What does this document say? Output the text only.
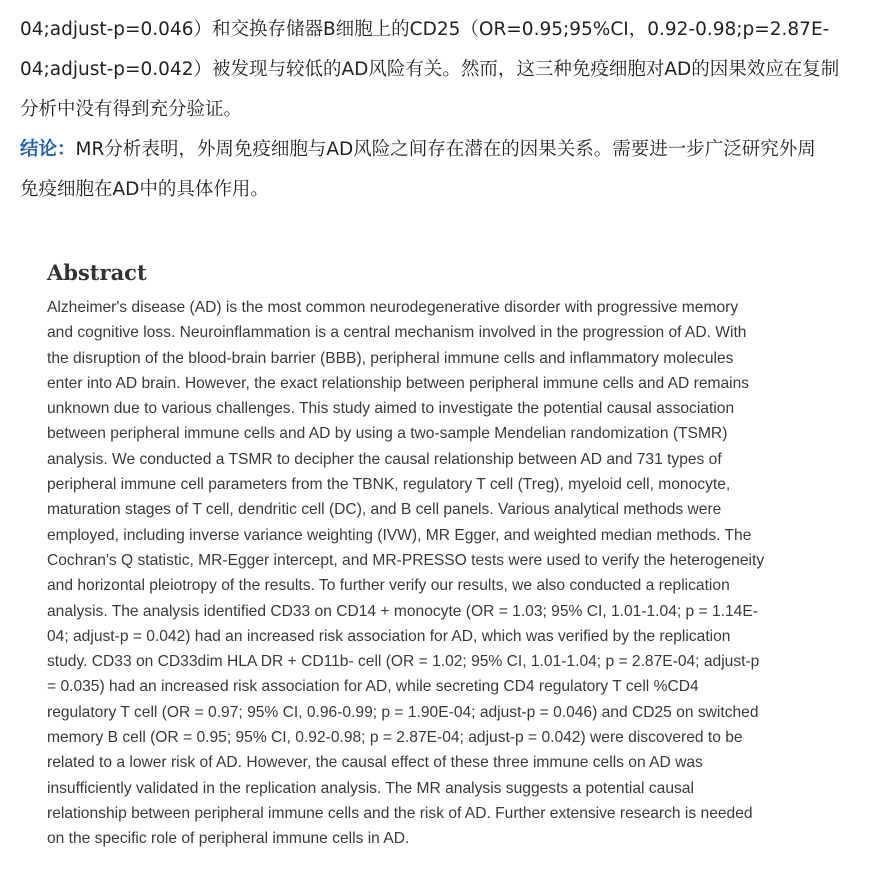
04;adjust-p=0.046）和交换存储器B细胞上的CD25（OR=0.95;95%CI，0.92-0.98;p=2.87E-
04;adjust-p=0.042）被发现与较低的AD风险有关。然而，这三种免疫细胞对AD的因果效应在复制
分析中没有得到充分验证。
结论：MR分析表明，外周免疫细胞与AD风险之间存在潜在的因果关系。需要进一步广泛研究外周
免疫细胞在AD中的具体作用。
Abstract
Alzheimer's disease (AD) is the most common neurodegenerative disorder with progressive memory
and cognitive loss. Neuroinflammation is a central mechanism involved in the progression of AD. With
the disruption of the blood-brain barrier (BBB), peripheral immune cells and inflammatory molecules
enter into AD brain. However, the exact relationship between peripheral immune cells and AD remains
unknown due to various challenges. This study aimed to investigate the potential causal association
between peripheral immune cells and AD by using a two-sample Mendelian randomization (TSMR)
analysis. We conducted a TSMR to decipher the causal relationship between AD and 731 types of
peripheral immune cell parameters from the TBNK, regulatory T cell (Treg), myeloid cell, monocyte,
maturation stages of T cell, dendritic cell (DC), and B cell panels. Various analytical methods were
employed, including inverse variance weighting (IVW), MR Egger, and weighted median methods. The
Cochran's Q statistic, MR-Egger intercept, and MR-PRESSO tests were used to verify the heterogeneity
and horizontal pleiotropy of the results. To further verify our results, we also conducted a replication
analysis. The analysis identified CD33 on CD14 + monocyte (OR = 1.03; 95% CI, 1.01-1.04; p = 1.14E-
04; adjust-p = 0.042) had an increased risk association for AD, which was verified by the replication
study. CD33 on CD33dim HLA DR + CD11b- cell (OR = 1.02; 95% CI, 1.01-1.04; p = 2.87E-04; adjust-p
= 0.035) had an increased risk association for AD, while secreting CD4 regulatory T cell %CD4
regulatory T cell (OR = 0.97; 95% CI, 0.96-0.99; p = 1.90E-04; adjust-p = 0.046) and CD25 on switched
memory B cell (OR = 0.95; 95% CI, 0.92-0.98; p = 2.87E-04; adjust-p = 0.042) were discovered to be
related to a lower risk of AD. However, the causal effect of these three immune cells on AD was
insufficiently validated in the replication analysis. The MR analysis suggests a potential causal
relationship between peripheral immune cells and the risk of AD. Further extensive research is needed
on the specific role of peripheral immune cells in AD.
